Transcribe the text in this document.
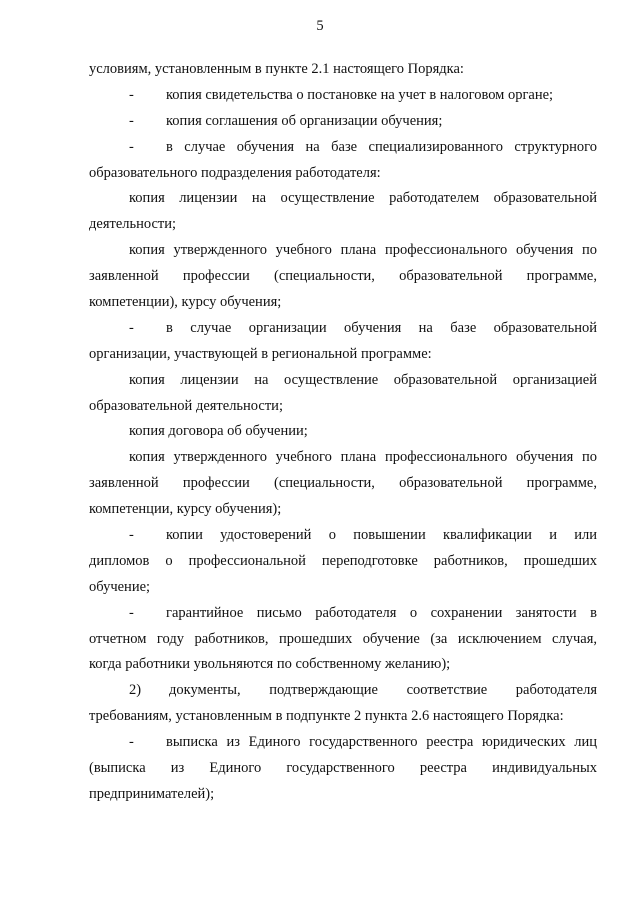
5
условиям, установленным в пункте 2.1 настоящего Порядка:
-	копия свидетельства о постановке на учет в налоговом органе;
-	копия соглашения об организации обучения;
-	в случае обучения на базе специализированного структурного
образовательного подразделения работодателя:
копия лицензии на осуществление работодателем образовательной
деятельности;
копия утвержденного учебного плана профессионального обучения по
заявленной профессии (специальности, образовательной программе,
компетенции), курсу обучения;
-	в случае организации обучения на базе образовательной
организации, участвующей в региональной программе:
копия лицензии на осуществление образовательной организацией
образовательной деятельности;
копия договора об обучении;
копия утвержденного учебного плана профессионального обучения по
заявленной профессии (специальности, образовательной программе,
компетенции, курсу обучения);
-	копии удостоверений о повышении квалификации и или
дипломов о профессиональной переподготовке работников, прошедших
обучение;
-	гарантийное письмо работодателя о сохранении занятости в
отчетном году работников, прошедших обучение (за исключением случая,
когда работники увольняются по собственному желанию);
2)	документы, подтверждающие соответствие работодателя
требованиям, установленным в подпункте 2 пункта 2.6 настоящего Порядка:
-	выписка из Единого государственного реестра юридических лиц
(выписка из Единого государственного реестра индивидуальных
предпринимателей);
